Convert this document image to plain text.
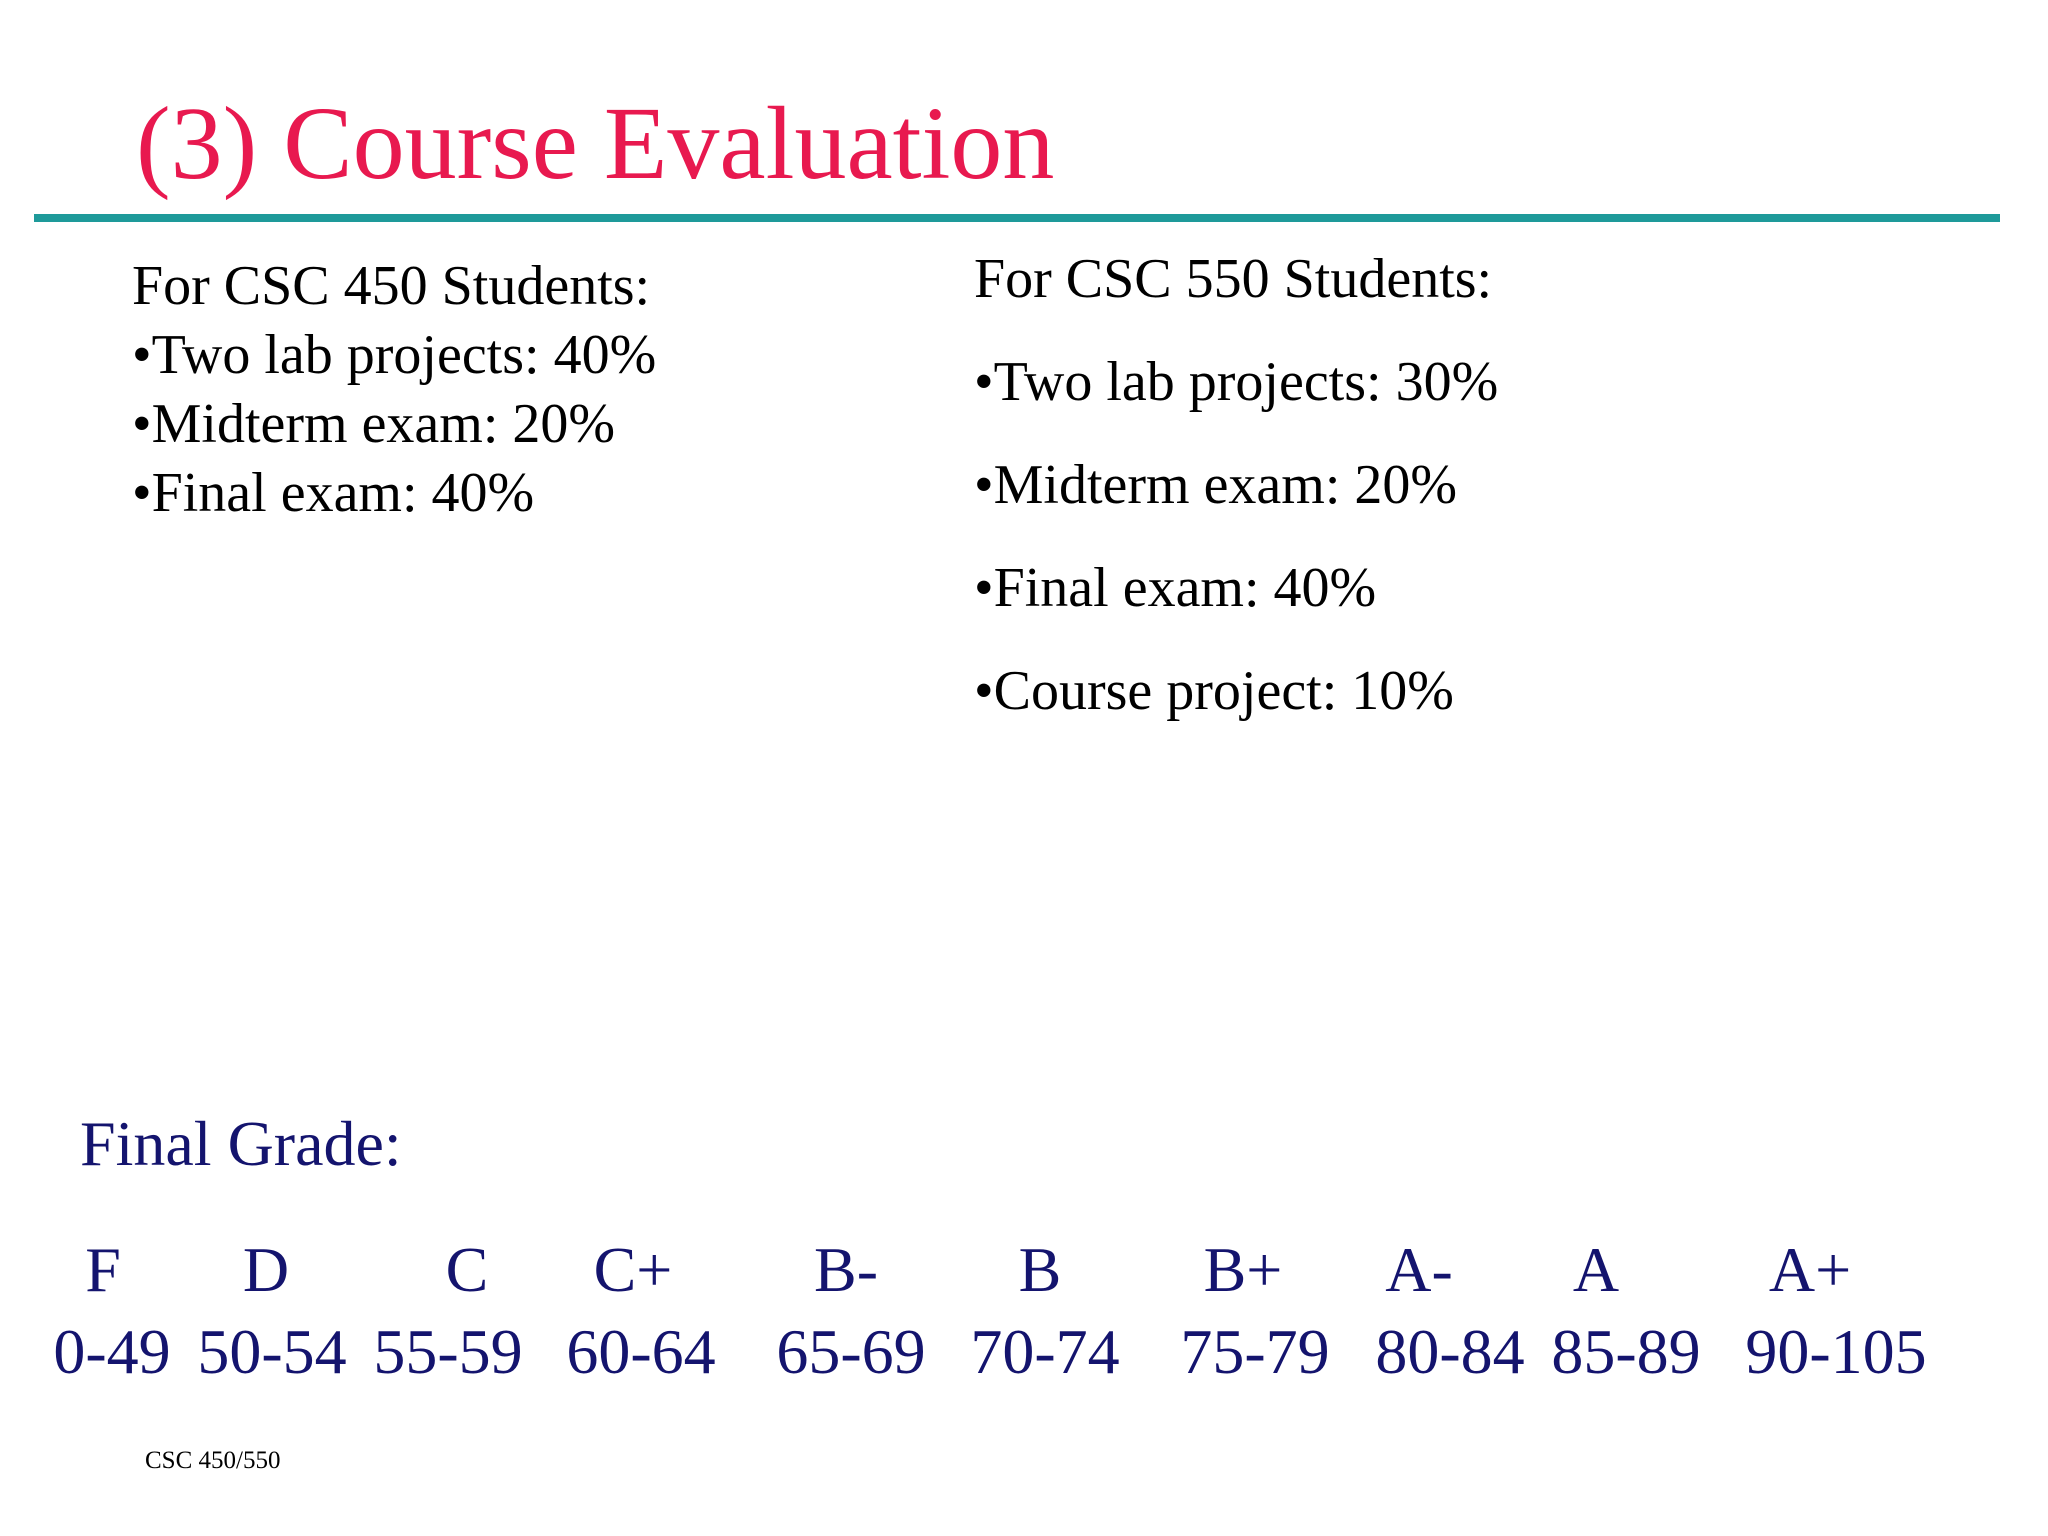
(3) Course Evaluation
For CSC 450 Students:
•Two lab projects: 40%
•Midterm exam: 20%
•Final exam: 40%
For CSC 550 Students:
•Two lab projects: 30%
•Midterm exam: 20%
•Final exam: 40%
•Course project: 10%
Final Grade:
F
0-49
D
50-54
C
55-59
C+
60-64
B-
65-69
B
70-74
B+
75-79
A-
80-84
A
85-89
A+
90-105
CSC 450/550
